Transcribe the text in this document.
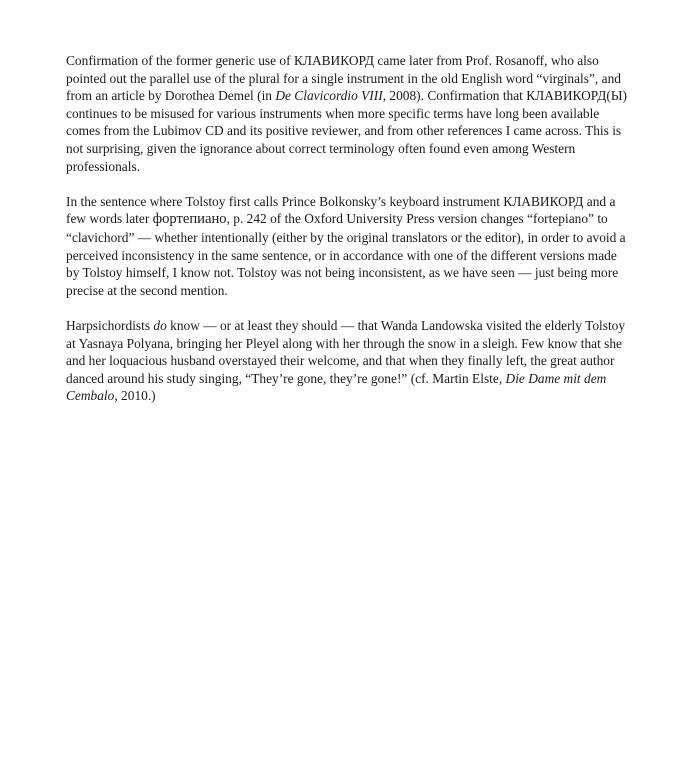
Confirmation of the former generic use of КЛАВИКОРД came later from Prof. Rosanoff, who also pointed out the parallel use of the plural for a single instrument in the old English word “virginals”, and from an article by Dorothea Demel (in De Clavicordio VIII, 2008). Confirmation that КЛАВИКОРД(Ы) continues to be misused for various instruments when more specific terms have long been available comes from the Lubimov CD and its positive reviewer, and from other references I came across. This is not surprising, given the ignorance about correct terminology often found even among Western professionals.

In the sentence where Tolstoy first calls Prince Bolkonsky’s keyboard instrument КЛАВИКОРД and a few words later фортепиано, p. 242 of the Oxford University Press version changes “fortepiano” to “clavichord” — whether intentionally (either by the original translators or the editor), in order to avoid a perceived inconsistency in the same sentence, or in accordance with one of the different versions made by Tolstoy himself, I know not. Tolstoy was not being inconsistent, as we have seen — just being more precise at the second mention.

Harpsichordists do know — or at least they should — that Wanda Landowska visited the elderly Tolstoy at Yasnaya Polyana, bringing her Pleyel along with her through the snow in a sleigh. Few know that she and her loquacious husband overstayed their welcome, and that when they finally left, the great author danced around his study singing, “They’re gone, they’re gone!” (cf. Martin Elste, Die Dame mit dem Cembalo, 2010.)
